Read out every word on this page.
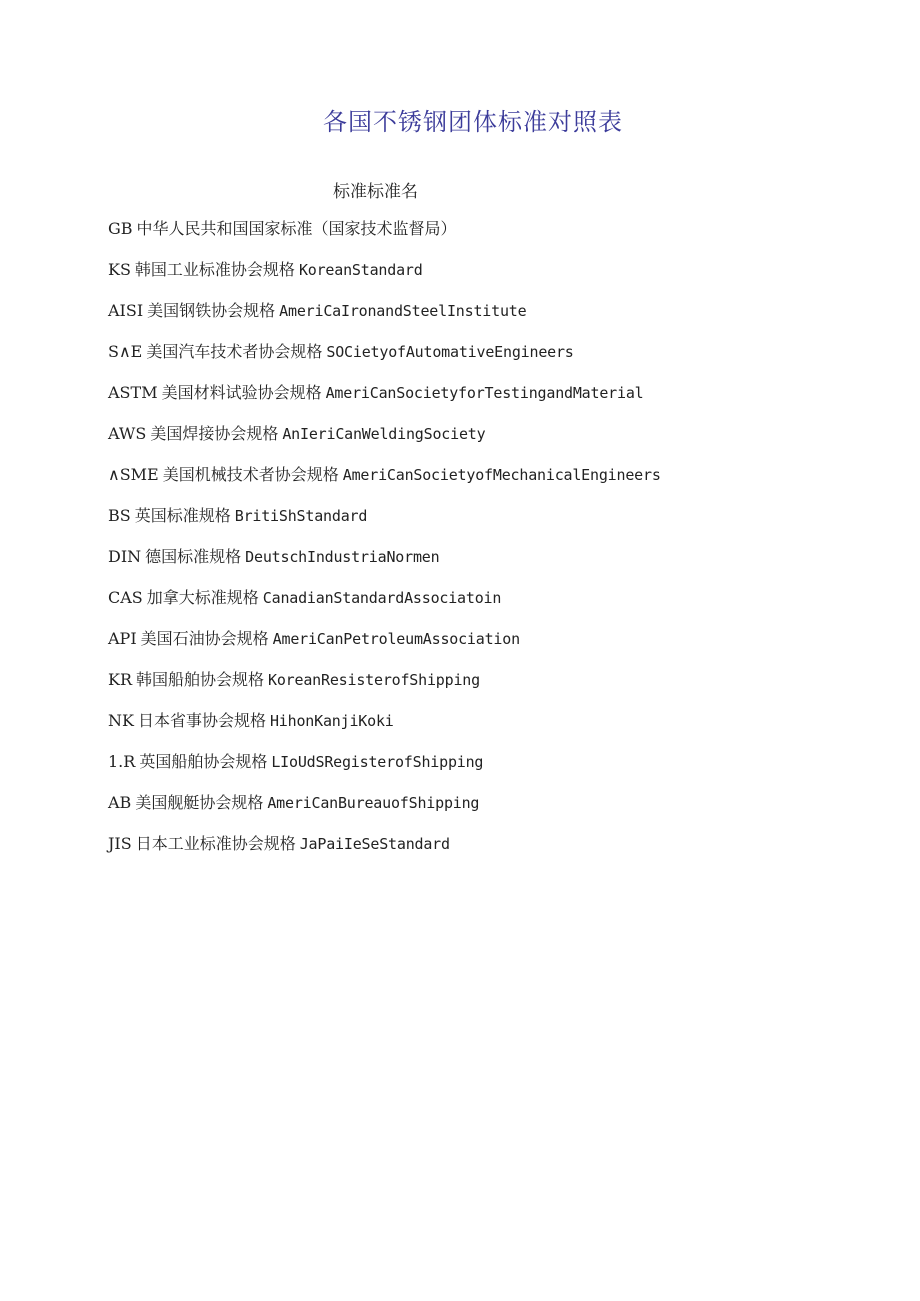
各国不锈钢团体标准对照表
标准标准名
GB 中华人民共和国国家标准（国家技术监督局）
KS 韩国工业标准协会规格 KoreanStandard
AISI 美国钢铁协会规格 AmeriCaIronandSteelInstitute
S∧E 美国汽车技术者协会规格 SOCietyofAutomativeEngineers
ASTM 美国材料试验协会规格 AmeriCanSocietyforTestingandMaterial
AWS 美国焊接协会规格 AnIeriCanWeldingSociety
∧SME 美国机械技术者协会规格 AmeriCanSocietyofMechanicalEngineers
BS 英国标准规格 BritiShStandard
DIN 德国标准规格 DeutschIndustriaNormen
CAS 加拿大标准规格 CanadianStandardAssociatoin
API 美国石油协会规格 AmeriCanPetroleumAssociation
KR 韩国船舶协会规格 KoreanResisterofShipping
NK 日本省事协会规格 HihonKanjiKoki
1.R 英国船舶协会规格 LIoUdSRegisterofShipping
AB 美国舰艇协会规格 AmeriCanBureauofShipping
JIS 日本工业标准协会规格 JaPaiIeSeStandard
